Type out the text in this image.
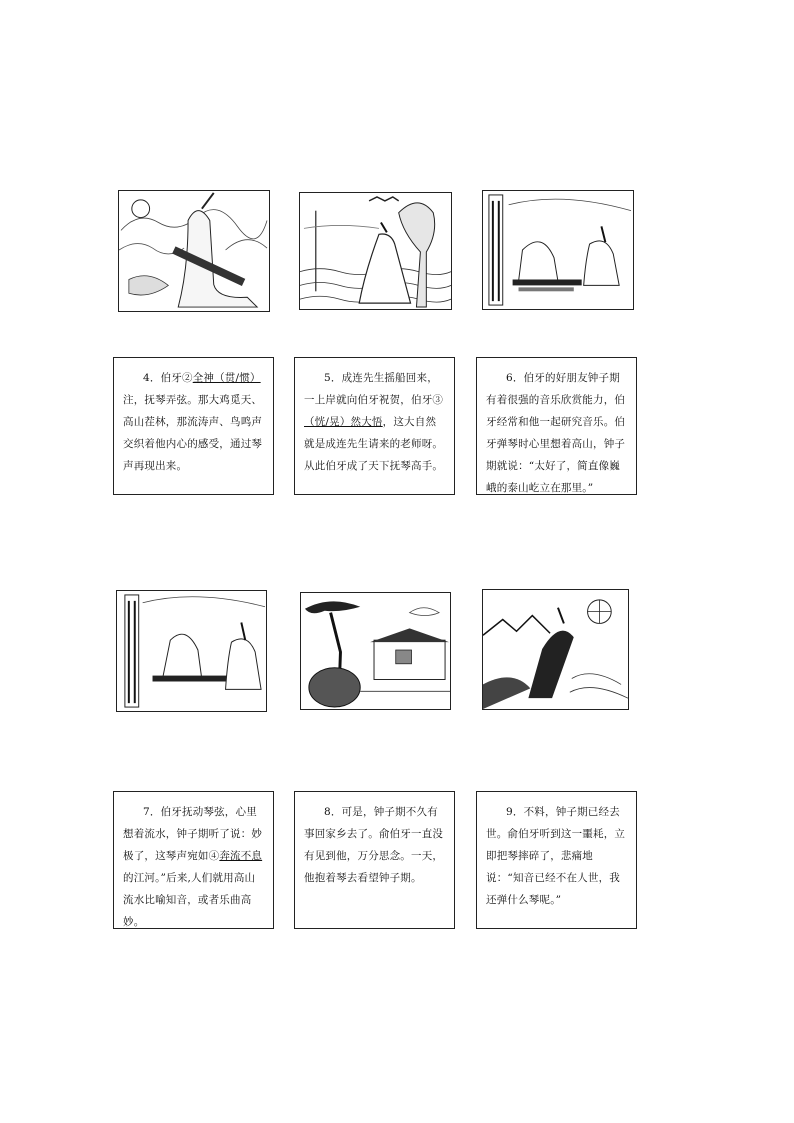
4．伯牙②全神（贯/惯）注，抚琴弄弦。那大鸡觅天、高山茬林，那流涛声、鸟鸣声交织着他内心的感受，通过琴声再现出来。
5．成连先生摇船回来，一上岸就向伯牙祝贺，伯牙③（恍/晃）然大悟，这大自然就是成连先生请来的老师呀。从此伯牙成了天下抚琴高手。
6．伯牙的好朋友钟子期有着很强的音乐欣赏能力，伯牙经常和他一起研究音乐。伯牙弹琴时心里想着高山，钟子期就说：“太好了，简直像巍峨的泰山屹立在那里。”
7．伯牙抚动琴弦，心里想着流水，钟子期听了说：妙极了，这琴声宛如④奔流不息的江河。”后来,人们就用高山流水比喻知音，或者乐曲高妙。
8．可是，钟子期不久有事回家乡去了。俞伯牙一直没有见到他，万分思念。一天，他抱着琴去看望钟子期。
9．不料，钟子期已经去世。俞伯牙听到这一噩耗，立即把琴摔碎了，悲痛地说：“知音已经不在人世，我还弹什么琴呢。”
